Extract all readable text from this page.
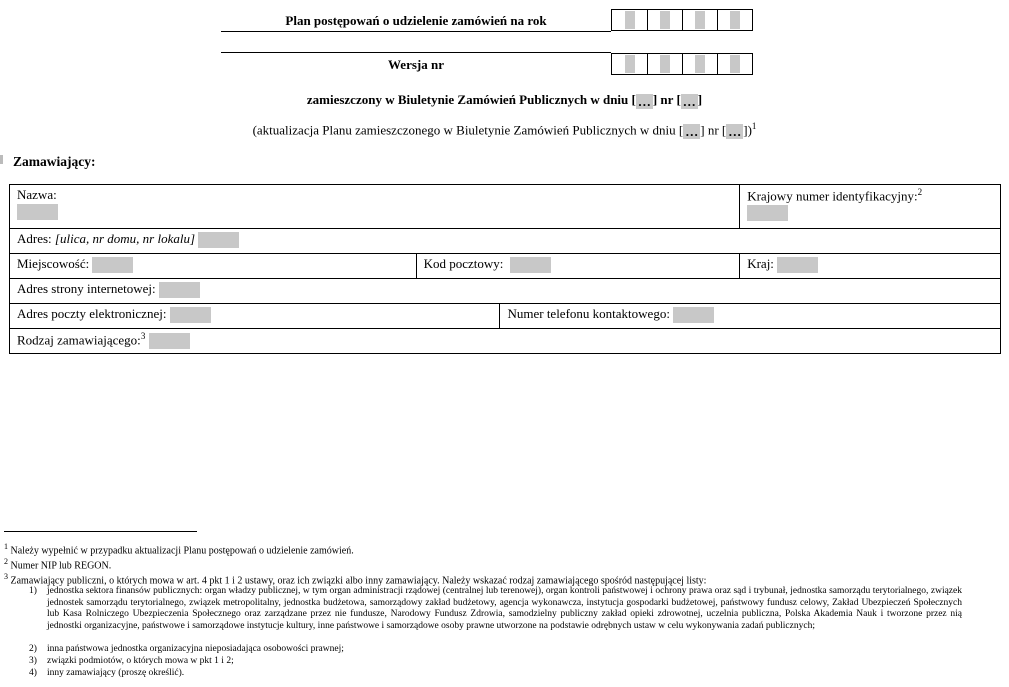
Plan postępowań o udzielenie zamówień na rok
Wersja nr
zamieszczony w Biuletynie Zamówień Publicznych w dniu [ … ] nr [ … ]
(aktualizacja Planu zamieszczonego w Biuletynie Zamówień Publicznych w dniu [ … ] nr [ … ])$^1$
Zamawiający:
Nazwa:			Krajowy numer identyfikacyjny:$^2$

Adres: [ulica, nr domu, nr lokalu]			
Miejscowość:	Kod pocztowy:		Kraj:
Adres strony internetowej:			
Adres poczty elektronicznej:		Numer telefonu kontaktowego:	
Rodzaj zamawiającego:$^3$
$^1$ Należy wypełnić w przypadku aktualizacji Planu postępowań o udzielenie zamówień.
$^2$ Numer NIP lub REGON.
$^3$ Zamawiający publiczni, o których mowa w art. 4 pkt 1 i 2 ustawy, oraz ich związki albo inny zamawiający. Należy wskazać rodzaj zamawiającego spośród następującej listy:
1) jednostka sektora finansów publicznych: organ władzy publicznej, w tym organ administracji rządowej (centralnej lub terenowej), organ kontroli państwowej i ochrony prawa oraz sąd i trybunał, jednostka samorządu terytorialnego, związek jednostek samorządu terytorialnego, związek metropolitalny, jednostka budżetowa, samorządowy zakład budżetowy, agencja wykonawcza, instytucja gospodarki budżetowej, państwowy fundusz celowy, Zakład Ubezpieczeń Społecznych lub Kasa Rolniczego Ubezpieczenia Społecznego oraz zarządzane przez nie fundusze, Narodowy Fundusz Zdrowia, samodzielny publiczny zakład opieki zdrowotnej, uczelnia publiczna, Polska Akademia Nauk i tworzone przez nią jednostki organizacyjne, państwowe i samorządowe instytucje kultury, inne państwowe i samorządowe osoby prawne utworzone na podstawie odrębnych ustaw w celu wykonywania zadań publicznych;
2) inna państwowa jednostka organizacyjna nieposiadająca osobowości prawnej;
3) związki podmiotów, o których mowa w pkt 1 i 2;
4) inny zamawiający (proszę określić).
